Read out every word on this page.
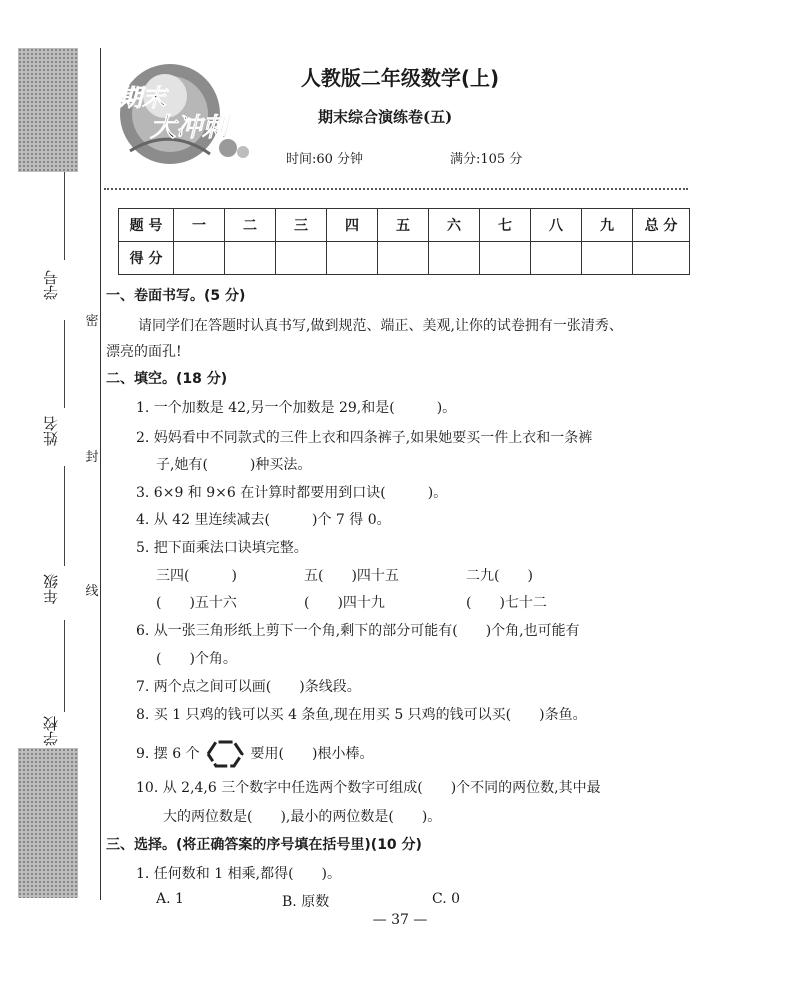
学号
姓名
年级
学校
密
封
线
期末
大冲刺
人教版二年级数学(上)
期末综合演练卷(五)
时间:60 分钟	满分:105 分
题 号	一	二	三	四	五	六	七	八	九	总 分
得 分										
一、卷面书写。(5 分)
请同学们在答题时认真书写,做到规范、端正、美观,让你的试卷拥有一张清秀、
漂亮的面孔!
二、填空。(18 分)
1. 一个加数是 42,另一个加数是 29,和是(　　　)。
2. 妈妈看中不同款式的三件上衣和四条裤子,如果她要买一件上衣和一条裤
子,她有(　　　)种买法。
3. 6×9 和 9×6 在计算时都要用到口诀(　　　)。
4. 从 42 里连续减去(　　　)个 7 得 0。
5. 把下面乘法口诀填完整。
三四(　　　)	五(　　)四十五	二九(　　)
(　　)五十六	(　　)四十九	(　　)七十二
6. 从一张三角形纸上剪下一个角,剩下的部分可能有(　　)个角,也可能有
(　　)个角。
7. 两个点之间可以画(　　)条线段。
8. 买 1 只鸡的钱可以买 4 条鱼,现在用买 5 只鸡的钱可以买(　　)条鱼。
9. 摆 6 个	要用(　　)根小棒。
10. 从 2,4,6 三个数字中任选两个数字可组成(　　)个不同的两位数,其中最
大的两位数是(　　),最小的两位数是(　　)。
三、选择。(将正确答案的序号填在括号里)(10 分)
1. 任何数和 1 相乘,都得(　　)。
A. 1	B. 原数	C. 0
— 37 —
